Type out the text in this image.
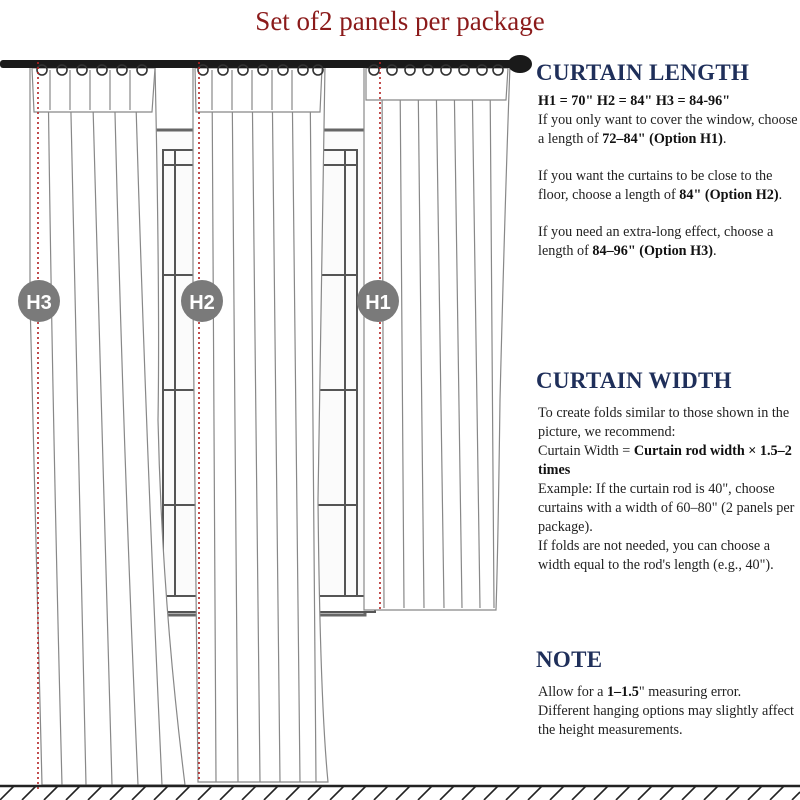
Set of2 panels per package
H3	H2	H1
CURTAIN LENGTH

H1 = 70" H2 = 84" H3 = 84-96"

If you only want to cover the window, choose a length of 72–84" (Option H1).

If you want the curtains to be close to the floor, choose a length of 84" (Option H2).

If you need an extra-long effect, choose a length of 84–96" (Option H3).

CURTAIN WIDTH

To create folds similar to those shown in the picture, we recommend:

Curtain Width = Curtain rod width × 1.5–2 times

Example: If the curtain rod is 40", choose curtains with a width of 60–80" (2 panels per package).

If folds are not needed, you can choose a width equal to the rod's length (e.g., 40").

NOTE

Allow for a 1–1.5" measuring error.

Different hanging options may slightly affect the height measurements.
